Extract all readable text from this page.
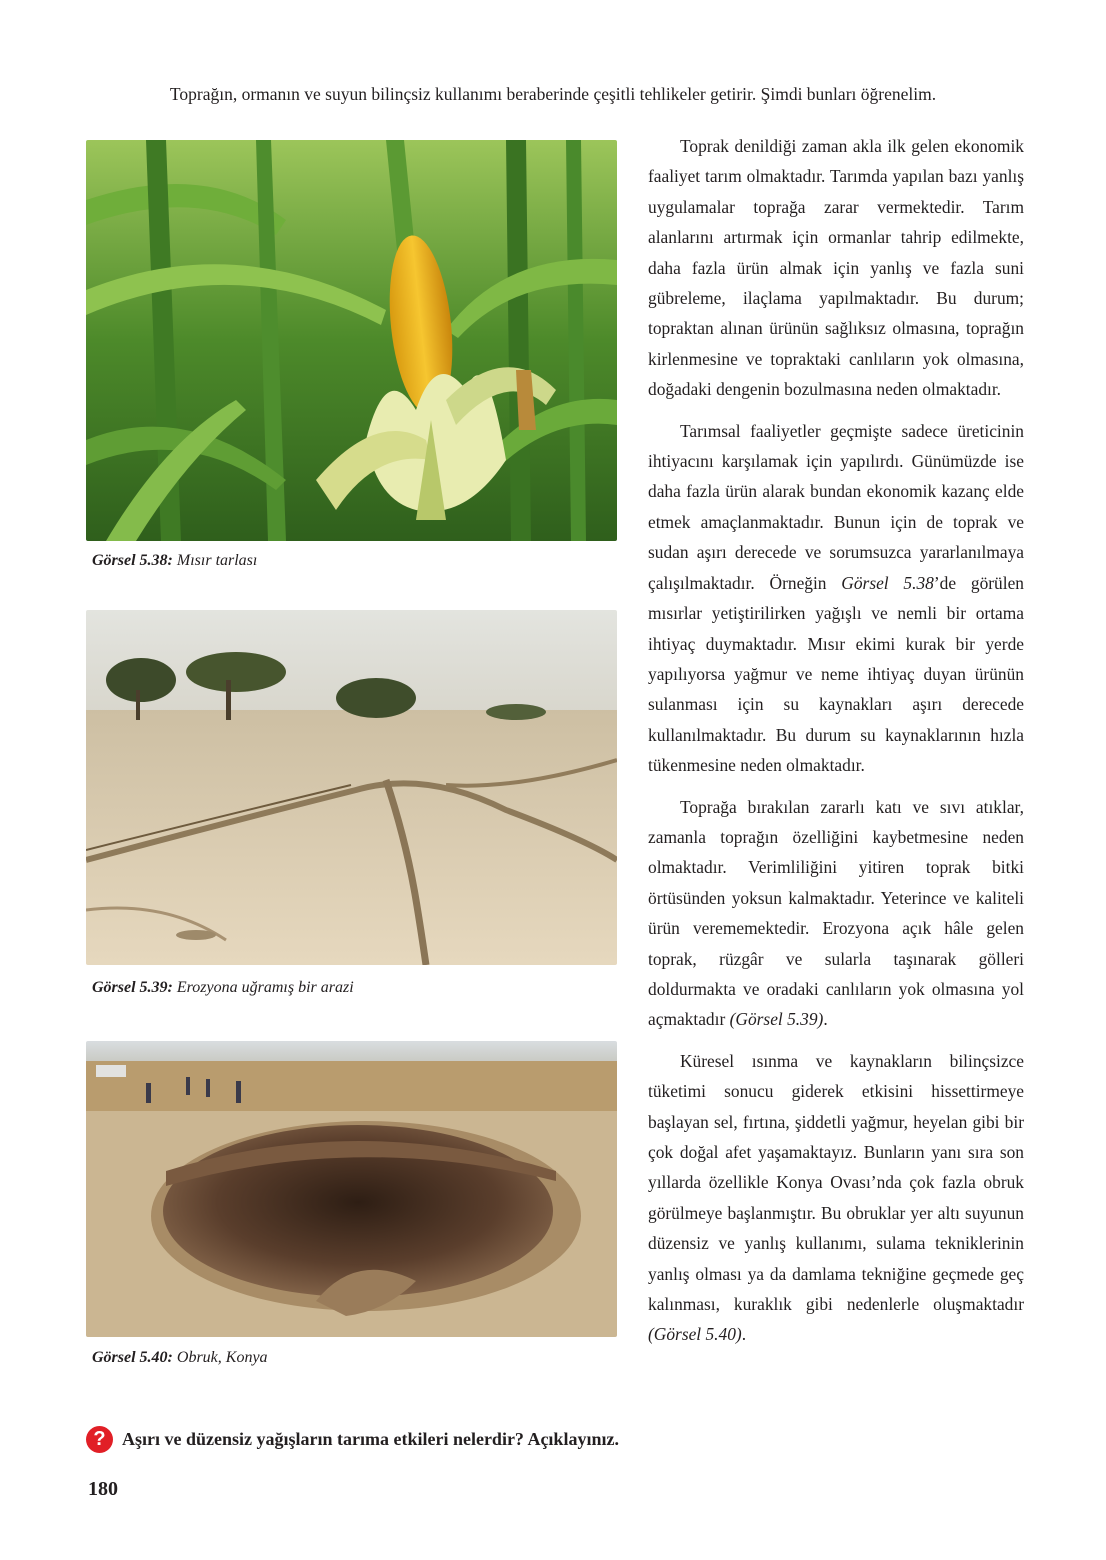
Toprağın, ormanın ve suyun bilinçsiz kullanımı beraberinde çeşitli tehlikeler getirir. Şimdi bunları öğrenelim.
Görsel 5.38: Mısır tarlası
Görsel 5.39: Erozyona uğramış bir arazi
Görsel 5.40: Obruk, Konya

Toprak denildiği zaman akla ilk gelen ekonomik faaliyet tarım olmaktadır. Tarımda yapılan bazı yanlış uygulamalar toprağa zarar vermektedir. Tarım alanlarını artırmak için ormanlar tahrip edilmekte, daha fazla ürün almak için yanlış ve fazla suni gübreleme, ilaçlama yapılmaktadır. Bu durum; topraktan alınan ürünün sağlıksız olmasına, toprağın kirlenmesine ve topraktaki canlıların yok olmasına, doğadaki dengenin bozulmasına neden olmaktadır.

Tarımsal faaliyetler geçmişte sadece üreticinin ihtiyacını karşılamak için yapılırdı. Günümüzde ise daha fazla ürün alarak bundan ekonomik kazanç elde etmek amaçlanmaktadır. Bunun için de toprak ve sudan aşırı derecede ve sorumsuzca yararlanılmaya çalışılmaktadır. Örneğin Görsel 5.38’de görülen mısırlar yetiştirilirken yağışlı ve nemli bir ortama ihtiyaç duymaktadır. Mısır ekimi kurak bir yerde yapılıyorsa yağmur ve neme ihtiyaç duyan ürünün sulanması için su kaynakları aşırı derecede kullanılmaktadır. Bu durum su kaynaklarının hızla tükenmesine neden olmaktadır.

Toprağa bırakılan zararlı katı ve sıvı atıklar, zamanla toprağın özelliğini kaybetmesine neden olmaktadır. Verimliliğini yitiren toprak bitki örtüsünden yoksun kalmaktadır. Yeterince ve kaliteli ürün verememektedir. Erozyona açık hâle gelen toprak, rüzgâr ve sularla taşınarak gölleri doldurmakta ve oradaki canlıların yok olmasına yol açmaktadır (Görsel 5.39).

Küresel ısınma ve kaynakların bilinçsizce tüketimi sonucu giderek etkisini hissettirmeye başlayan sel, fırtına, şiddetli yağmur, heyelan gibi bir çok doğal afet yaşamaktayız. Bunların yanı sıra son yıllarda özellikle Konya Ovası’nda çok fazla obruk görülmeye başlanmıştır. Bu obruklar yer altı suyunun düzensiz ve yanlış kullanımı, sulama tekniklerinin yanlış olması ya da damlama tekniğine geçmede geç kalınması, kuraklık gibi nedenlerle oluşmaktadır (Görsel 5.40).

? Aşırı ve düzensiz yağışların tarıma etkileri nelerdir? Açıklayınız.
180
